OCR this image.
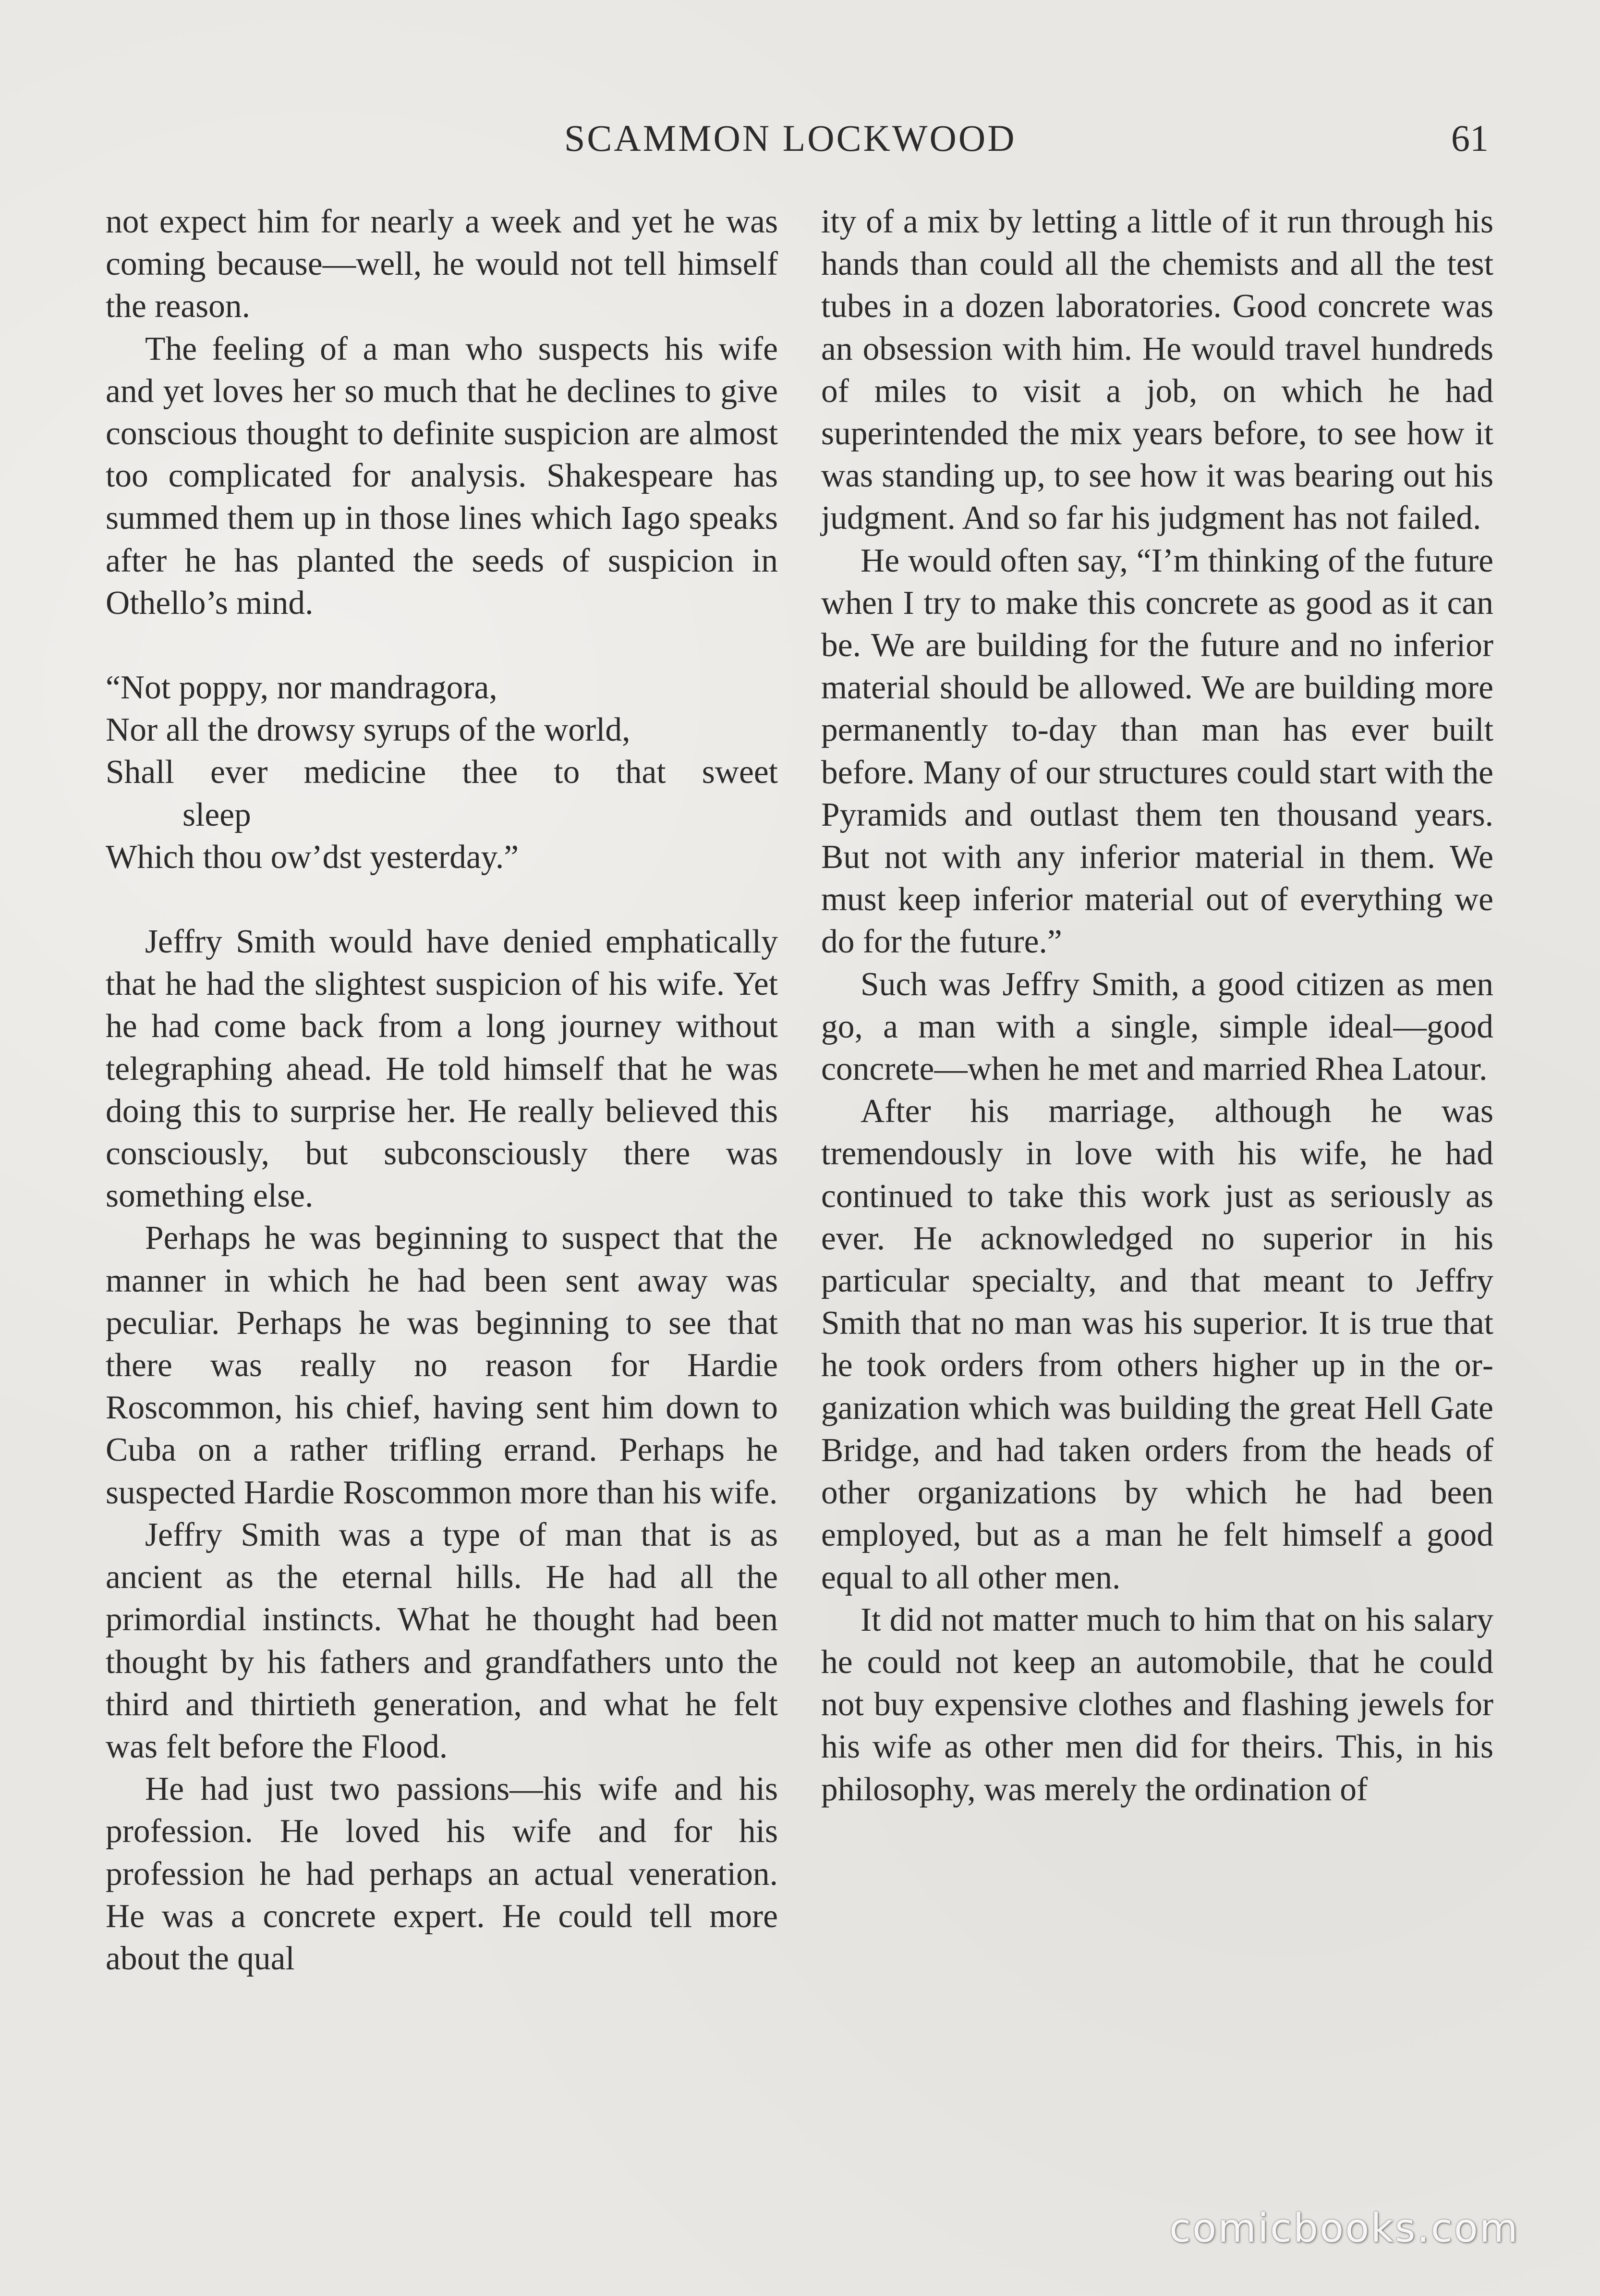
SCAMMON LOCKWOOD	61

not expect him for nearly a week and yet he was coming because—well, he would not tell himself the reason.

The feeling of a man who suspects his wife and yet loves her so much that he declines to give conscious thought to definite suspicion are almost too complicated for analysis. Shakespeare has summed them up in those lines which Iago speaks after he has planted the seeds of suspicion in Othello’s mind.

“Not poppy, nor mandragora,
Nor all the drowsy syrups of the world,
Shall ever medicine thee to that sweet
sleep
Which thou ow’dst yesterday.”

Jeffry Smith would have denied emphatically that he had the slightest suspicion of his wife. Yet he had come back from a long journey without telegraphing ahead. He told himself that he was doing this to surprise her. He really believed this consciously, but subconsciously there was something else.

Perhaps he was beginning to suspect that the manner in which he had been sent away was peculiar. Perhaps he was beginning to see that there was really no reason for Hardie Roscommon, his chief, having sent him down to Cuba on a rather trifling errand. Perhaps he suspected Hardie Roscommon more than his wife.

Jeffry Smith was a type of man that is as ancient as the eternal hills. He had all the primordial instincts. What he thought had been thought by his fathers and grandfathers unto the third and thirtieth generation, and what he felt was felt before the Flood.

He had just two passions—his wife and his profession. He loved his wife and for his profession he had perhaps an actual veneration. He was a concrete expert. He could tell more about the qual

ity of a mix by letting a little of it run through his hands than could all the chemists and all the test tubes in a dozen laboratories. Good concrete was an obsession with him. He would travel hundreds of miles to visit a job, on which he had superintended the mix years before, to see how it was standing up, to see how it was bearing out his judgment. And so far his judgment has not failed.

He would often say, “I’m thinking of the future when I try to make this concrete as good as it can be. We are building for the future and no inferior material should be allowed. We are building more permanently to-day than man has ever built before. Many of our structures could start with the Pyramids and outlast them ten thousand years. But not with any inferior material in them. We must keep inferior material out of everything we do for the future.”

Such was Jeffry Smith, a good citizen as men go, a man with a single, simple ideal—good concrete—when he met and married Rhea Latour.

After his marriage, although he was tremendously in love with his wife, he had continued to take this work just as seriously as ever. He acknowledged no superior in his particular specialty, and that meant to Jeffry Smith that no man was his superior. It is true that he took orders from others higher up in the organization which was building the great Hell Gate Bridge, and had taken orders from the heads of other organizations by which he had been employed, but as a man he felt himself a good equal to all other men.

It did not matter much to him that on his salary he could not keep an automobile, that he could not buy expensive clothes and flashing jewels for his wife as other men did for theirs. This, in his philosophy, was merely the ordination of

comicbooks.com
